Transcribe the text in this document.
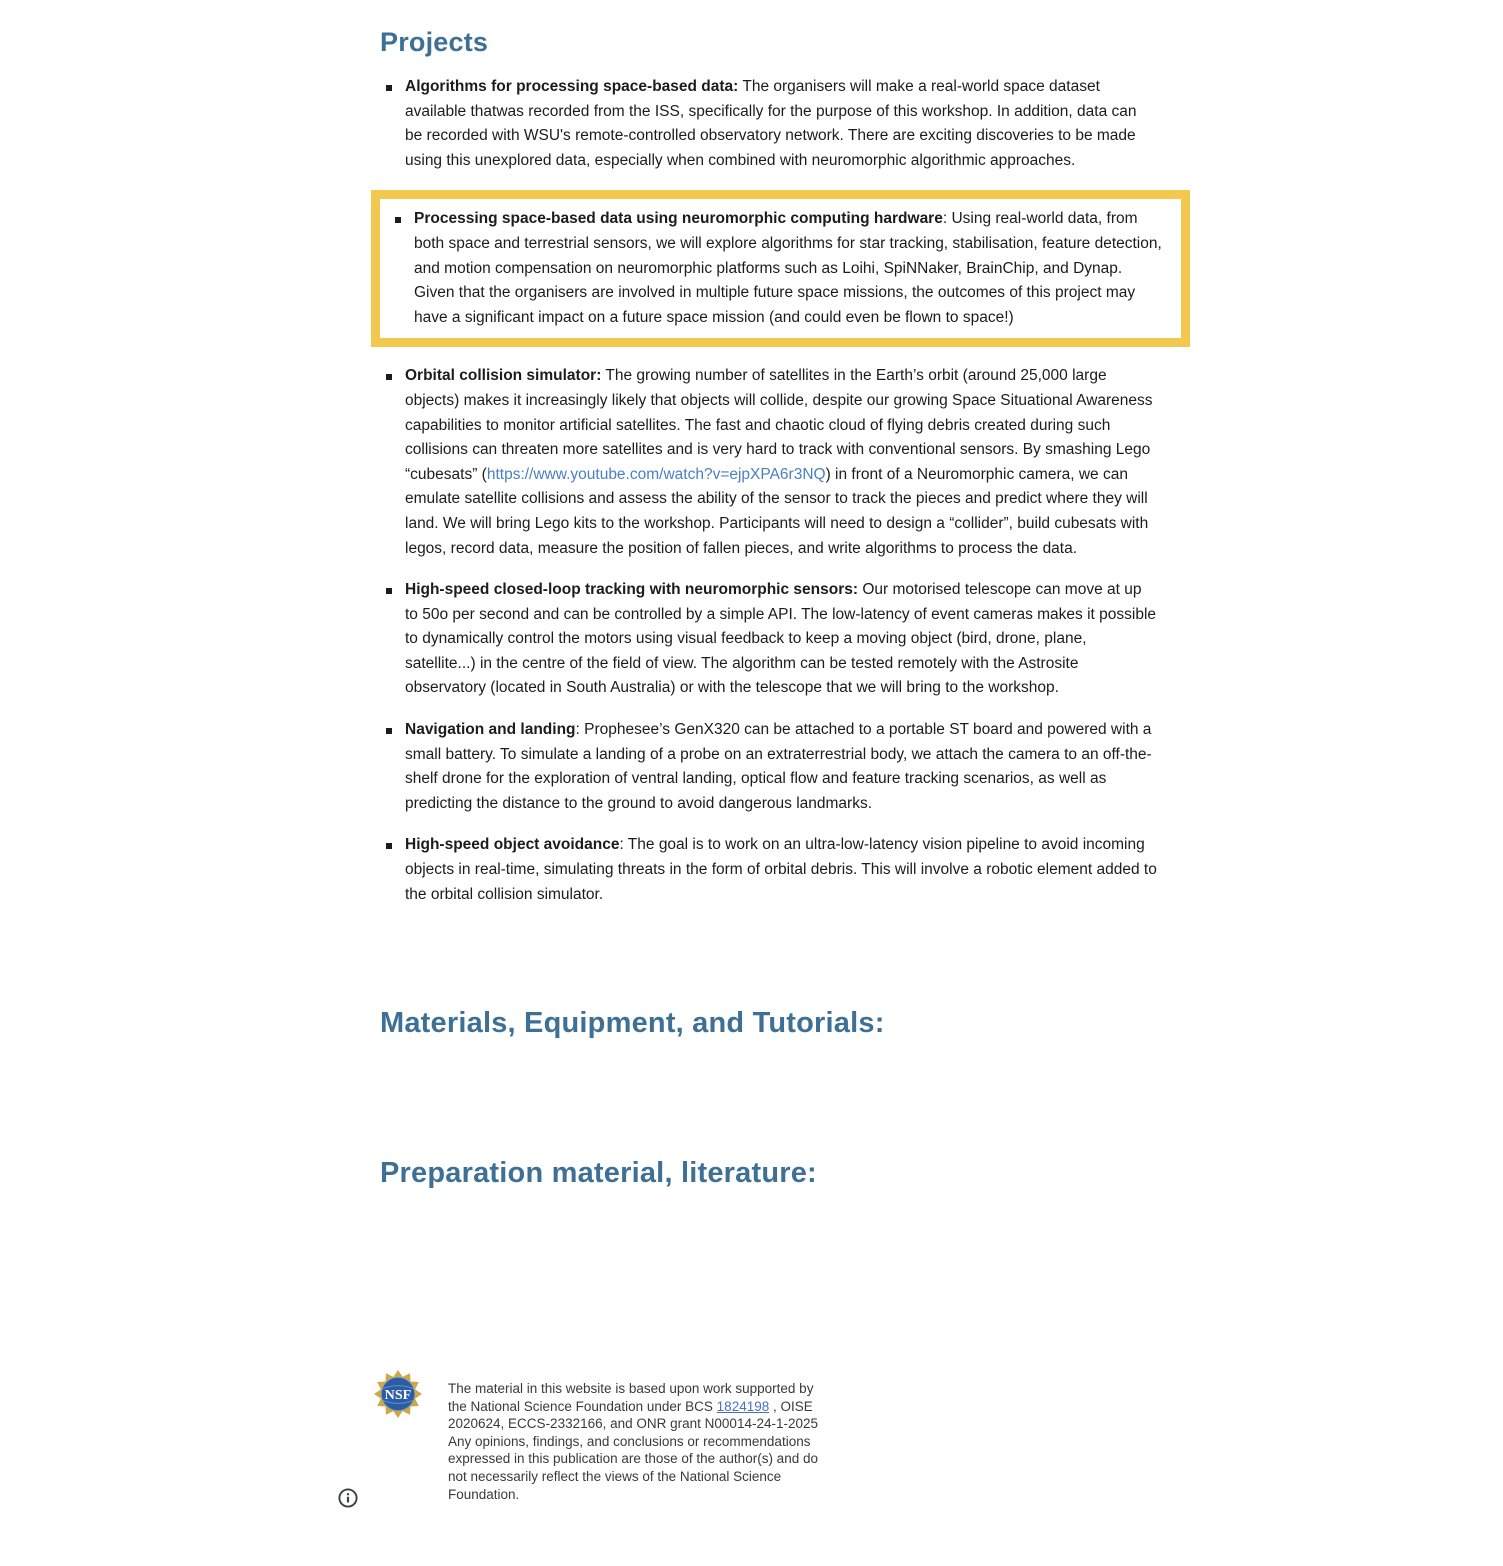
Projects
Algorithms for processing space-based data: The organisers will make a real-world space dataset available thatwas recorded from the ISS, specifically for the purpose of this workshop. In addition, data can be recorded with WSU's remote-controlled observatory network. There are exciting discoveries to be made using this unexplored data, especially when combined with neuromorphic algorithmic approaches.
Processing space-based data using neuromorphic computing hardware: Using real-world data, from both space and terrestrial sensors, we will explore algorithms for star tracking, stabilisation, feature detection, and motion compensation on neuromorphic platforms such as Loihi, SpiNNaker, BrainChip, and Dynap. Given that the organisers are involved in multiple future space missions, the outcomes of this project may have a significant impact on a future space mission (and could even be flown to space!)
Orbital collision simulator: The growing number of satellites in the Earth’s orbit (around 25,000 large objects) makes it increasingly likely that objects will collide, despite our growing Space Situational Awareness capabilities to monitor artificial satellites. The fast and chaotic cloud of flying debris created during such collisions can threaten more satellites and is very hard to track with conventional sensors. By smashing Lego “cubesats” (https://www.youtube.com/watch?v=ejpXPA6r3NQ) in front of a Neuromorphic camera, we can emulate satellite collisions and assess the ability of the sensor to track the pieces and predict where they will land. We will bring Lego kits to the workshop. Participants will need to design a “collider”, build cubesats with legos, record data, measure the position of fallen pieces, and write algorithms to process the data.
High-speed closed-loop tracking with neuromorphic sensors: Our motorised telescope can move at up to 50o per second and can be controlled by a simple API. The low-latency of event cameras makes it possible to dynamically control the motors using visual feedback to keep a moving object (bird, drone, plane, satellite...) in the centre of the field of view. The algorithm can be tested remotely with the Astrosite observatory (located in South Australia) or with the telescope that we will bring to the workshop.
Navigation and landing: Prophesee’s GenX320 can be attached to a portable ST board and powered with a small battery. To simulate a landing of a probe on an extraterrestrial body, we attach the camera to an off-the-shelf drone for the exploration of ventral landing, optical flow and feature tracking scenarios, as well as predicting the distance to the ground to avoid dangerous landmarks.
High-speed object avoidance: The goal is to work on an ultra-low-latency vision pipeline to avoid incoming objects in real-time, simulating threats in the form of orbital debris. This will involve a robotic element added to the orbital collision simulator.
Materials, Equipment, and Tutorials:
Preparation material, literature:
NSF	The material in this website is based upon work supported by the National Science Foundation under BCS 1824198 , OISE 2020624, ECCS-2332166, and ONR grant N00014-24-1-2025 Any opinions, findings, and conclusions or recommendations expressed in this publication are those of the author(s) and do not necessarily reflect the views of the National Science Foundation.
